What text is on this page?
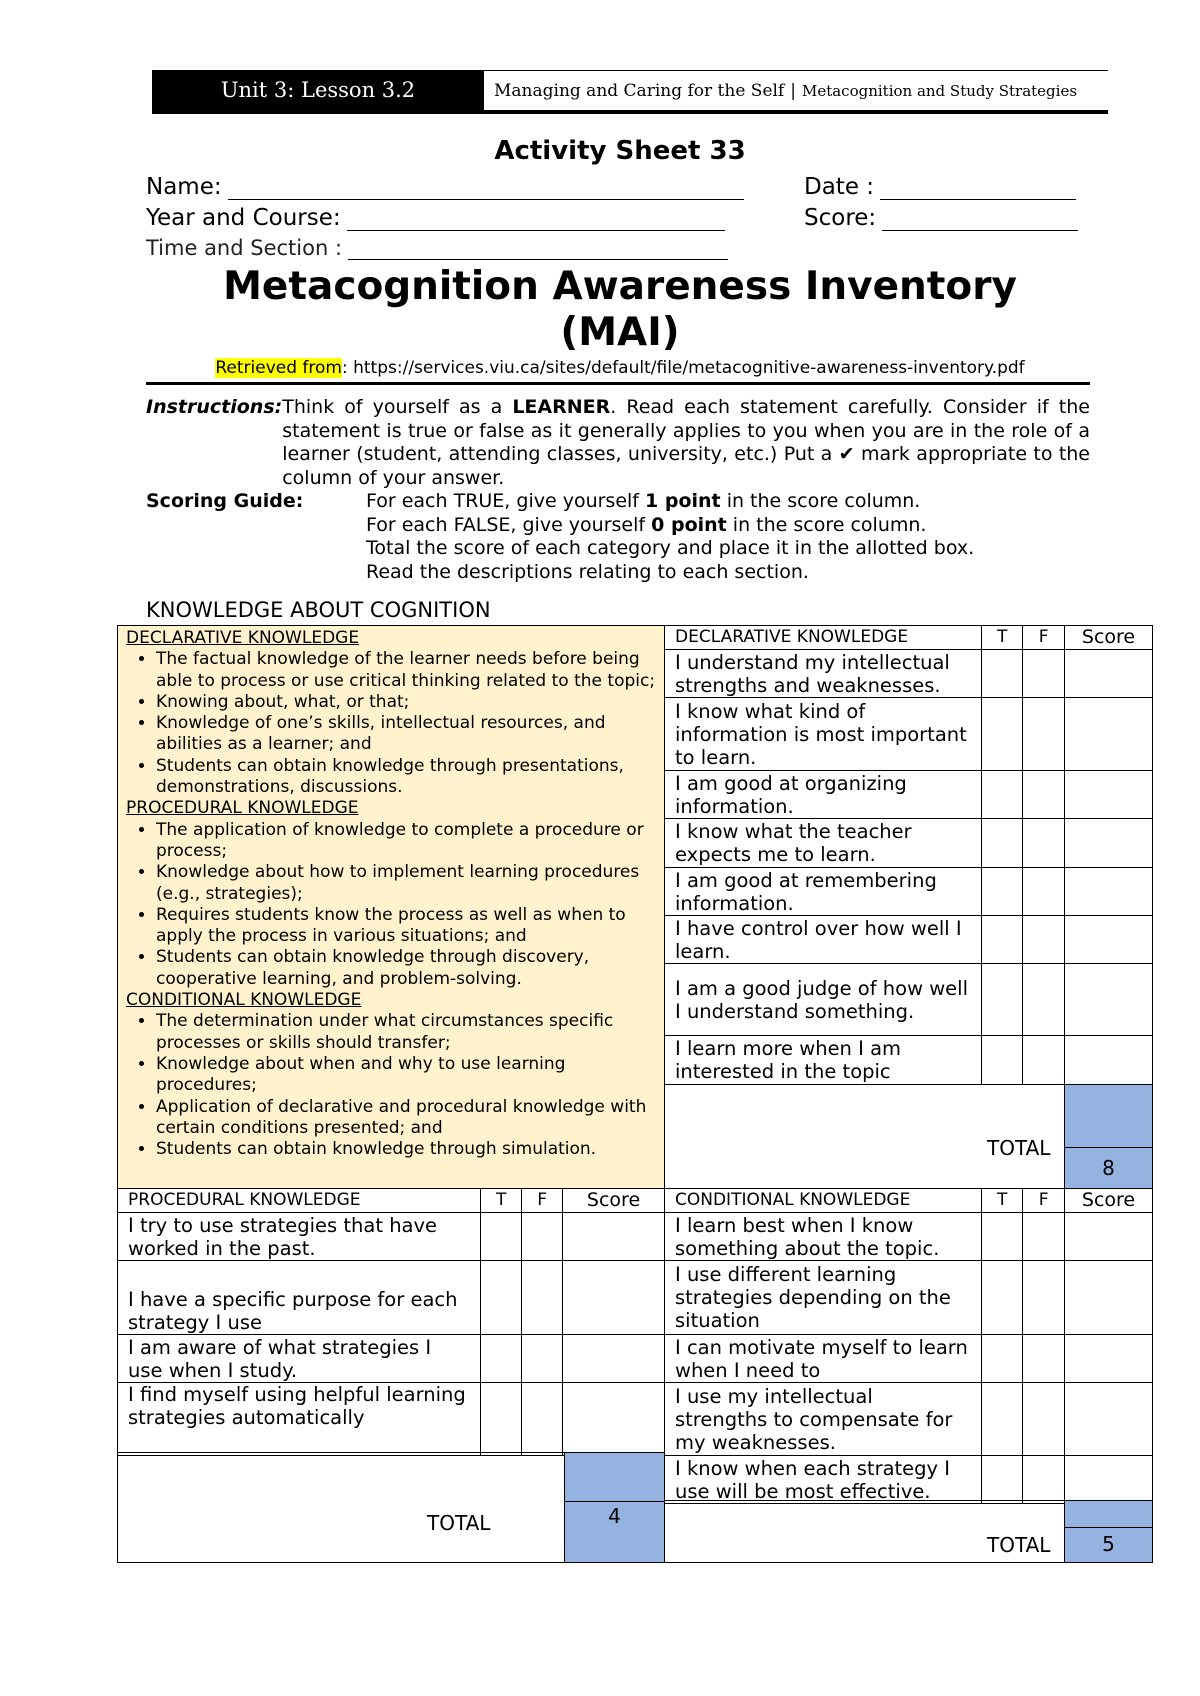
Unit 3: Lesson 3.2	Managing and Caring for the Self | Metacognition and Study Strategies
Activity Sheet 33
Name:	Date :
Year and Course:	Score:
Time and Section :
Metacognition Awareness Inventory
(MAI)
Retrieved from: https://services.viu.ca/sites/default/file/metacognitive-awareness-inventory.pdf
Instructions: Think of yourself as a LEARNER. Read each statement carefully. Consider if the statement is true or false as it generally applies to you when you are in the role of a learner (student, attending classes, university, etc.) Put a ✔ mark appropriate to the column of your answer.
Scoring Guide:	For each TRUE, give yourself 1 point in the score column.
For each FALSE, give yourself 0 point in the score column.
Total the score of each category and place it in the allotted box.
Read the descriptions relating to each section.
KNOWLEDGE ABOUT COGNITION
DECLARATIVE KNOWLEDGE
• The factual knowledge of the learner needs before being able to process or use critical thinking related to the topic;
• Knowing about, what, or that;
• Knowledge of one’s skills, intellectual resources, and abilities as a learner; and
• Students can obtain knowledge through presentations, demonstrations, discussions.
PROCEDURAL KNOWLEDGE
• The application of knowledge to complete a procedure or process;
• Knowledge about how to implement learning procedures (e.g., strategies);
• Requires students know the process as well as when to apply the process in various situations; and
• Students can obtain knowledge through discovery, cooperative learning, and problem-solving.
CONDITIONAL KNOWLEDGE
• The determination under what circumstances specific processes or skills should transfer;
• Knowledge about when and why to use learning procedures;
• Application of declarative and procedural knowledge with certain conditions presented; and
• Students can obtain knowledge through simulation.
DECLARATIVE KNOWLEDGE	T	F	Score
I understand my intellectual strengths and weaknesses.			
I know what kind of information is most important to learn.			
I am good at organizing information.			
I know what the teacher expects me to learn.			
I am good at remembering information.			
I have control over how well I learn.			
I am a good judge of how well I understand something.			
I learn more when I am interested in the topic			
TOTAL
8
PROCEDURAL KNOWLEDGE	T	F	Score
I try to use strategies that have worked in the past.			
I have a specific purpose for each strategy I use			
I am aware of what strategies I use when I study.			
I find myself using helpful learning strategies automatically			
TOTAL	4
CONDITIONAL KNOWLEDGE	T	F	Score
I learn best when I know something about the topic.			
I use different learning strategies depending on the situation			
I can motivate myself to learn when I need to			
I use my intellectual strengths to compensate for my weaknesses.			
I know when each strategy I use will be most effective.			
TOTAL	5
